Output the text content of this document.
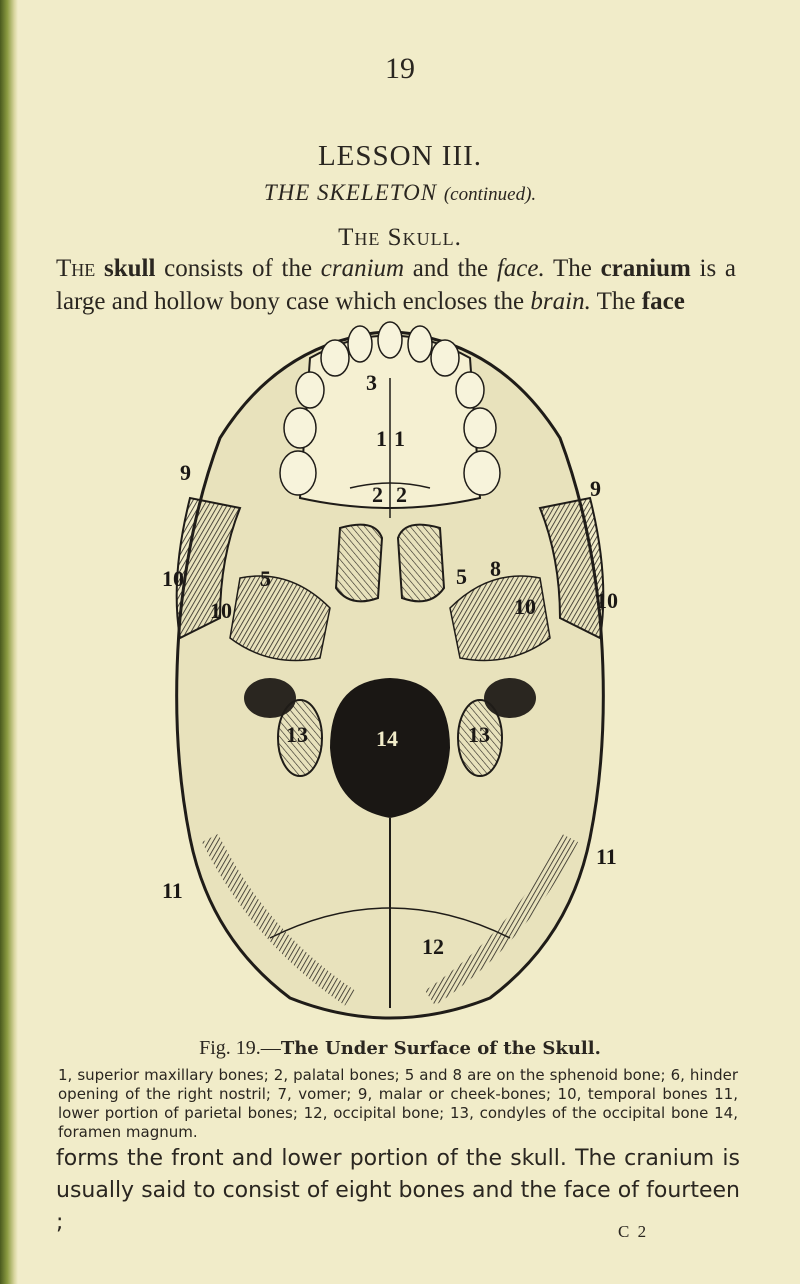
19
LESSON III.
THE SKELETON (continued).
The Skull.
The skull consists of the cranium and the face. The cranium is a large and hollow bony case which encloses the brain. The face
3
1 1
2 2
9
9
5	5 8
10
10	10	10
11
11
12
13	13
14
Fig. 19.—The Under Surface of the Skull.
1, superior maxillary bones; 2, palatal bones; 5 and 8 are on the sphenoid bone; 6, hinder opening of the right nostril; 7, vomer; 9, malar or cheek-bones; 10, temporal bones 11, lower portion of parietal bones; 12, occipital bone; 13, condyles of the occipital bone 14, foramen magnum.
forms the front and lower portion of the skull. The cranium is usually said to consist of eight bones and the face of fourteen ;	C 2
